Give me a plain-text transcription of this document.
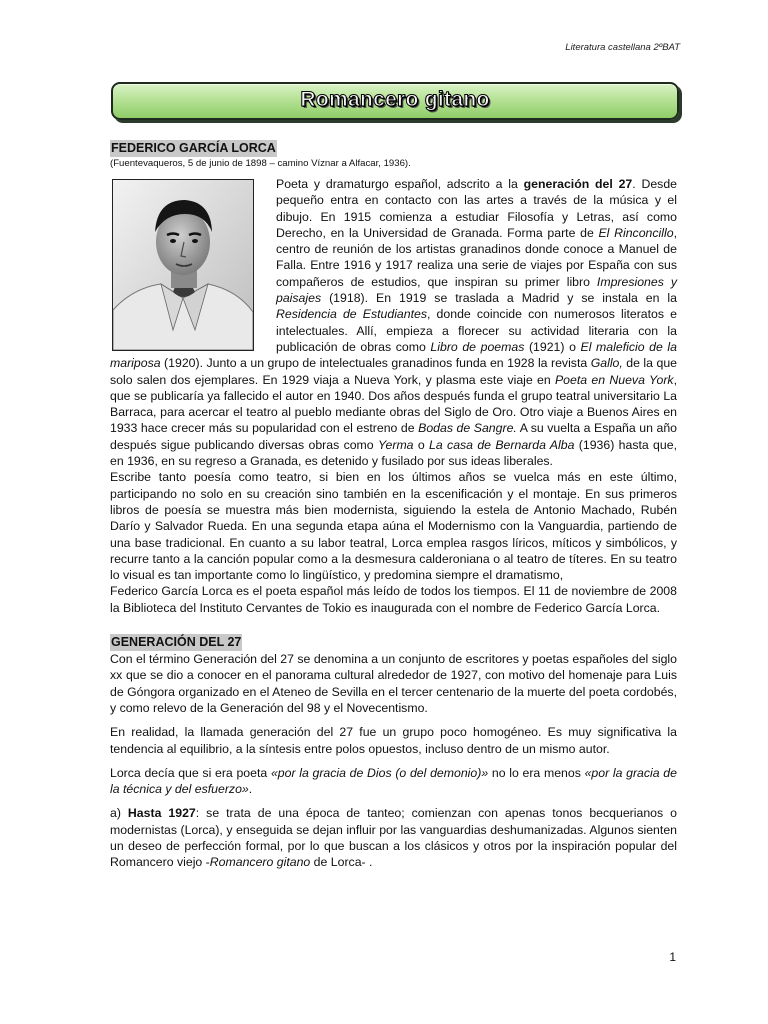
Literatura castellana 2ºBAT
Romancero gitano
FEDERICO GARCÍA LORCA
(Fuentevaqueros, 5 de junio de 1898 – camino Víznar a Alfacar, 1936).

Poeta y dramaturgo español, adscrito a la generación del 27. Desde pequeño entra en contacto con las artes a través de la música y el dibujo. En 1915 comienza a estudiar Filosofía y Letras, así como Derecho, en la Universidad de Granada. Forma parte de El Rinconcillo, centro de reunión de los artistas granadinos donde conoce a Manuel de Falla. Entre 1916 y 1917 realiza una serie de viajes por España con sus compañeros de estudios, que inspiran su primer libro Impresiones y paisajes (1918). En 1919 se traslada a Madrid y se instala en la Residencia de Estudiantes, donde coincide con numerosos literatos e intelectuales. Allí, empieza a florecer su actividad literaria con la publicación de obras como Libro de poemas (1921) o El maleficio de la mariposa (1920). Junto a un grupo de intelectuales granadinos funda en 1928 la revista Gallo, de la que solo salen dos ejemplares. En 1929 viaja a Nueva York, y plasma este viaje en Poeta en Nueva York, que se publicaría ya fallecido el autor en 1940. Dos años después funda el grupo teatral universitario La Barraca, para acercar el teatro al pueblo mediante obras del Siglo de Oro. Otro viaje a Buenos Aires en 1933 hace crecer más su popularidad con el estreno de Bodas de Sangre. A su vuelta a España un año después sigue publicando diversas obras como Yerma o La casa de Bernarda Alba (1936) hasta que, en 1936, en su regreso a Granada, es detenido y fusilado por sus ideas liberales.

Escribe tanto poesía como teatro, si bien en los últimos años se vuelca más en este último, participando no solo en su creación sino también en la escenificación y el montaje. En sus primeros libros de poesía se muestra más bien modernista, siguiendo la estela de Antonio Machado, Rubén Darío y Salvador Rueda. En una segunda etapa aúna el Modernismo con la Vanguardia, partiendo de una base tradicional. En cuanto a su labor teatral, Lorca emplea rasgos líricos, míticos y simbólicos, y recurre tanto a la canción popular como a la desmesura calderoniana o al teatro de títeres. En su teatro lo visual es tan importante como lo lingüístico, y predomina siempre el dramatismo,

Federico García Lorca es el poeta español más leído de todos los tiempos. El 11 de noviembre de 2008 la Biblioteca del Instituto Cervantes de Tokio es inaugurada con el nombre de Federico García Lorca.

GENERACIÓN DEL 27

Con el término Generación del 27 se denomina a un conjunto de escritores y poetas españoles del siglo xx que se dio a conocer en el panorama cultural alrededor de 1927, con motivo del homenaje para Luis de Góngora organizado en el Ateneo de Sevilla en el tercer centenario de la muerte del poeta cordobés, y como relevo de la Generación del 98 y el Novecentismo.

En realidad, la llamada generación del 27 fue un grupo poco homogéneo. Es muy significativa la tendencia al equilibrio, a la síntesis entre polos opuestos, incluso dentro de un mismo autor.

Lorca decía que si era poeta «por la gracia de Dios (o del demonio)» no lo era menos «por la gracia de la técnica y del esfuerzo».

a) Hasta 1927: se trata de una época de tanteo; comienzan con apenas tonos becquerianos o modernistas (Lorca), y enseguida se dejan influir por las vanguardias deshumanizadas. Algunos sienten un deseo de perfección formal, por lo que buscan a los clásicos y otros por la inspiración popular del Romancero viejo -Romancero gitano de Lorca- .

1
